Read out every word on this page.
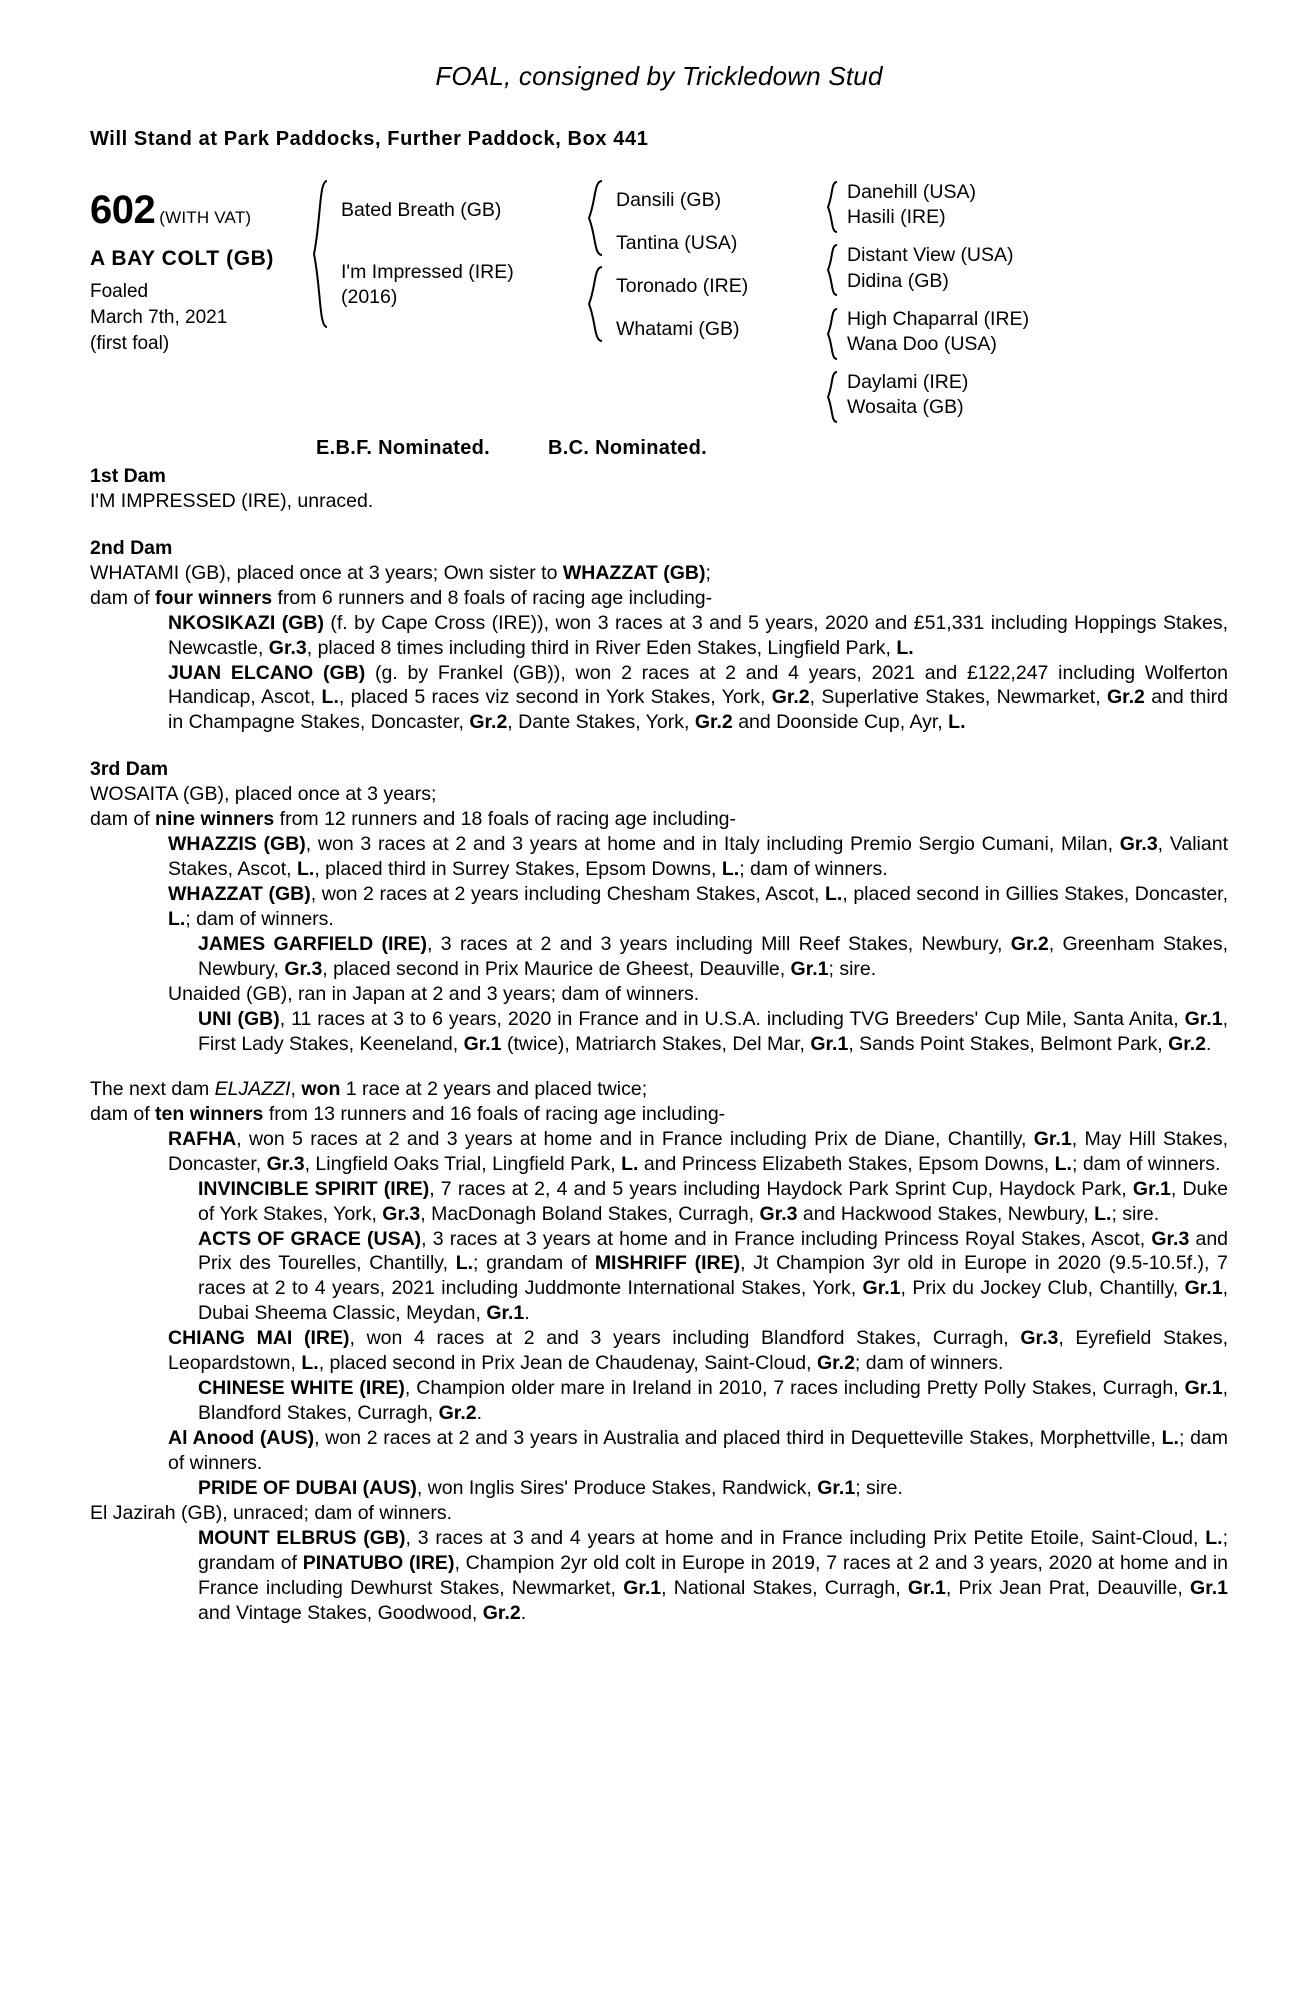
FOAL, consigned by Trickledown Stud
Will Stand at Park Paddocks, Further Paddock, Box 441
602 (WITH VAT)
A BAY COLT (GB)
Foaled
March 7th, 2021
(first foal)
Bated Breath (GB)
I'm Impressed (IRE)
(2016)
Dansili (GB)
Tantina (USA)
Toronado (IRE)
Whatami (GB)
Danehill (USA)
Hasili (IRE)
Distant View (USA)
Didina (GB)
High Chaparral (IRE)
Wana Doo (USA)
Daylami (IRE)
Wosaita (GB)
E.B.F. Nominated.	B.C. Nominated.
1st Dam

I'M IMPRESSED (IRE), unraced.

2nd Dam

WHATAMI (GB), placed once at 3 years; Own sister to WHAZZAT (GB);

dam of four winners from 6 runners and 8 foals of racing age including-

NKOSIKAZI (GB) (f. by Cape Cross (IRE)), won 3 races at 3 and 5 years, 2020 and £51,331 including Hoppings Stakes, Newcastle, Gr.3, placed 8 times including third in River Eden Stakes, Lingfield Park, L.

JUAN ELCANO (GB) (g. by Frankel (GB)), won 2 races at 2 and 4 years, 2021 and £122,247 including Wolferton Handicap, Ascot, L., placed 5 races viz second in York Stakes, York, Gr.2, Superlative Stakes, Newmarket, Gr.2 and third in Champagne Stakes, Doncaster, Gr.2, Dante Stakes, York, Gr.2 and Doonside Cup, Ayr, L.

3rd Dam

WOSAITA (GB), placed once at 3 years;

dam of nine winners from 12 runners and 18 foals of racing age including-

WHAZZIS (GB), won 3 races at 2 and 3 years at home and in Italy including Premio Sergio Cumani, Milan, Gr.3, Valiant Stakes, Ascot, L., placed third in Surrey Stakes, Epsom Downs, L.; dam of winners.

WHAZZAT (GB), won 2 races at 2 years including Chesham Stakes, Ascot, L., placed second in Gillies Stakes, Doncaster, L.; dam of winners.

JAMES GARFIELD (IRE), 3 races at 2 and 3 years including Mill Reef Stakes, Newbury, Gr.2, Greenham Stakes, Newbury, Gr.3, placed second in Prix Maurice de Gheest, Deauville, Gr.1; sire.

Unaided (GB), ran in Japan at 2 and 3 years; dam of winners.

UNI (GB), 11 races at 3 to 6 years, 2020 in France and in U.S.A. including TVG Breeders' Cup Mile, Santa Anita, Gr.1, First Lady Stakes, Keeneland, Gr.1 (twice), Matriarch Stakes, Del Mar, Gr.1, Sands Point Stakes, Belmont Park, Gr.2.

The next dam ELJAZZI, won 1 race at 2 years and placed twice;

dam of ten winners from 13 runners and 16 foals of racing age including-

RAFHA, won 5 races at 2 and 3 years at home and in France including Prix de Diane, Chantilly, Gr.1, May Hill Stakes, Doncaster, Gr.3, Lingfield Oaks Trial, Lingfield Park, L. and Princess Elizabeth Stakes, Epsom Downs, L.; dam of winners.

INVINCIBLE SPIRIT (IRE), 7 races at 2, 4 and 5 years including Haydock Park Sprint Cup, Haydock Park, Gr.1, Duke of York Stakes, York, Gr.3, MacDonagh Boland Stakes, Curragh, Gr.3 and Hackwood Stakes, Newbury, L.; sire.

ACTS OF GRACE (USA), 3 races at 3 years at home and in France including Princess Royal Stakes, Ascot, Gr.3 and Prix des Tourelles, Chantilly, L.; grandam of MISHRIFF (IRE), Jt Champion 3yr old in Europe in 2020 (9.5-10.5f.), 7 races at 2 to 4 years, 2021 including Juddmonte International Stakes, York, Gr.1, Prix du Jockey Club, Chantilly, Gr.1, Dubai Sheema Classic, Meydan, Gr.1.

CHIANG MAI (IRE), won 4 races at 2 and 3 years including Blandford Stakes, Curragh, Gr.3, Eyrefield Stakes, Leopardstown, L., placed second in Prix Jean de Chaudenay, Saint-Cloud, Gr.2; dam of winners.

CHINESE WHITE (IRE), Champion older mare in Ireland in 2010, 7 races including Pretty Polly Stakes, Curragh, Gr.1, Blandford Stakes, Curragh, Gr.2.

Al Anood (AUS), won 2 races at 2 and 3 years in Australia and placed third in Dequetteville Stakes, Morphettville, L.; dam of winners.

PRIDE OF DUBAI (AUS), won Inglis Sires' Produce Stakes, Randwick, Gr.1; sire.

El Jazirah (GB), unraced; dam of winners.

MOUNT ELBRUS (GB), 3 races at 3 and 4 years at home and in France including Prix Petite Etoile, Saint-Cloud, L.; grandam of PINATUBO (IRE), Champion 2yr old colt in Europe in 2019, 7 races at 2 and 3 years, 2020 at home and in France including Dewhurst Stakes, Newmarket, Gr.1, National Stakes, Curragh, Gr.1, Prix Jean Prat, Deauville, Gr.1 and Vintage Stakes, Goodwood, Gr.2.
